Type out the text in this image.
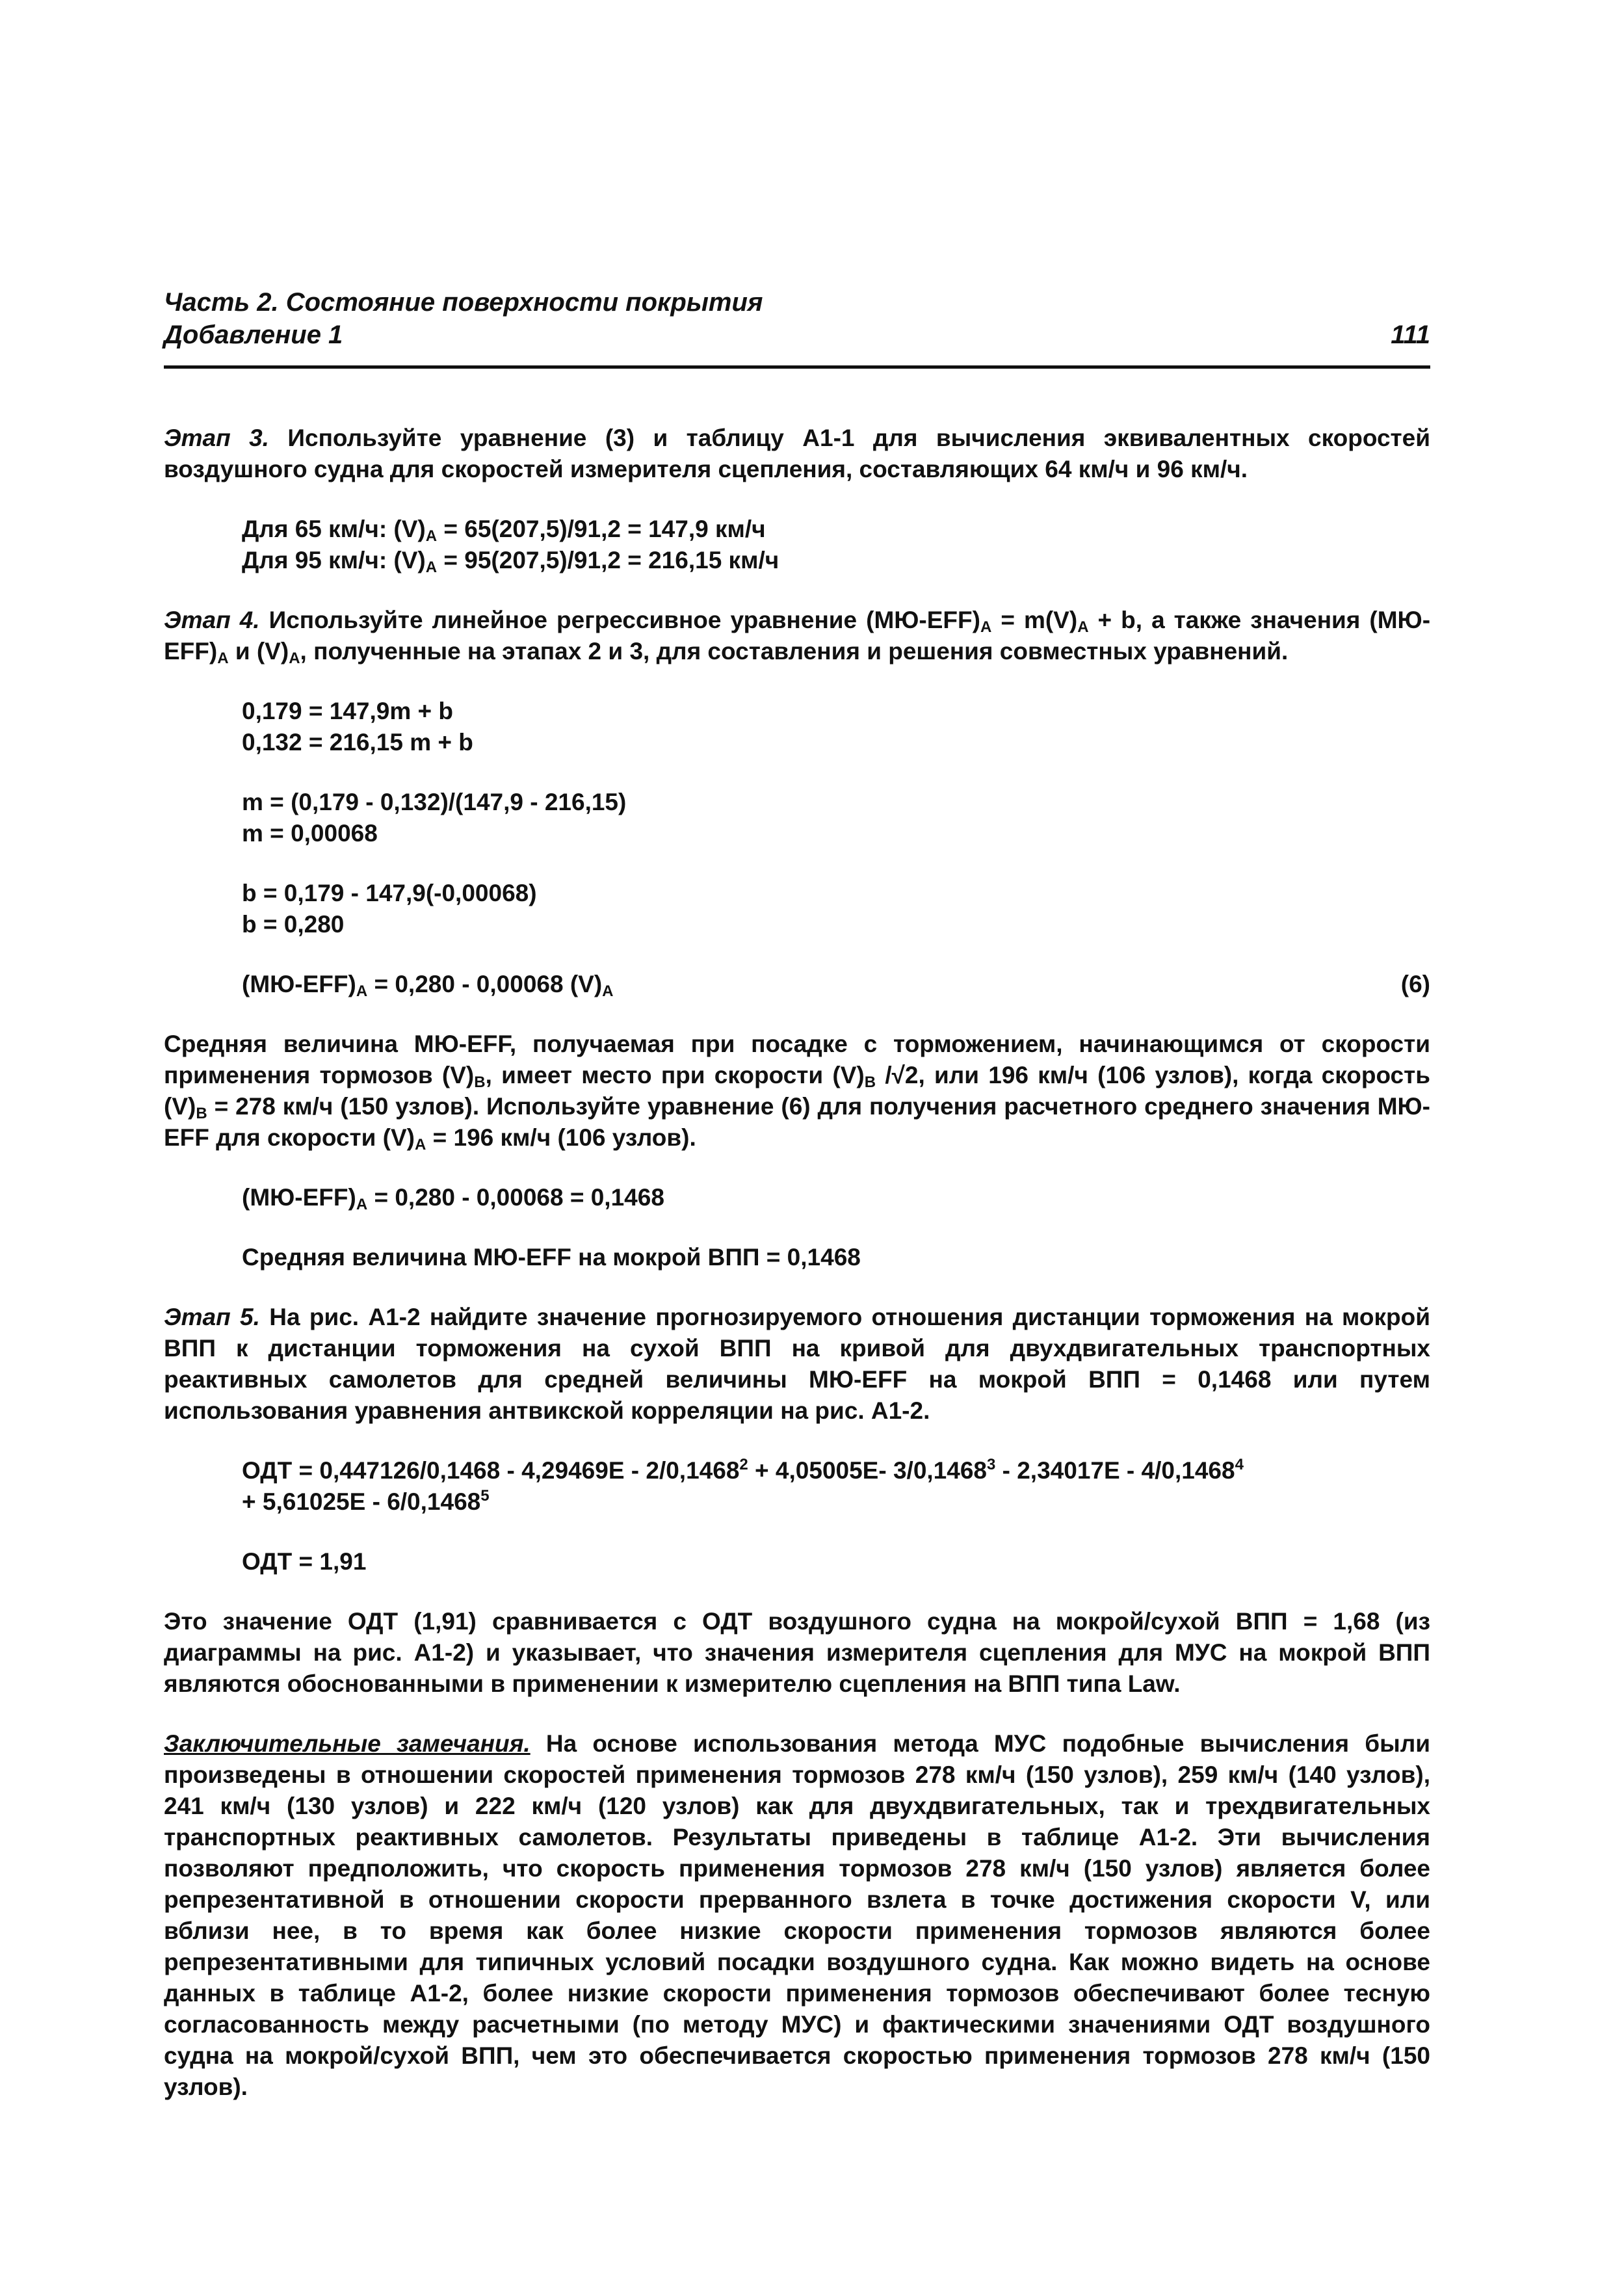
Часть 2. Состояние поверхности покрытия
Добавление 1	111

Этап 3. Используйте уравнение (3) и таблицу А1-1 для вычисления эквивалентных скоростей воздушного судна для скоростей измерителя сцепления, составляющих 64 км/ч и 96 км/ч.

Для 65 км/ч: $(V)_A = 65(207,5)/91,2 = 147,9$ км/ч
Для 95 км/ч: $(V)_A = 95(207,5)/91,2 = 216,15$ км/ч

Этап 4. Используйте линейное регрессивное уравнение $(МЮ-EFF)_A = m(V)_A + b$, а также значения $(МЮ-EFF)_A$ и $(V)_A$, полученные на этапах 2 и 3, для составления и решения совместных уравнений.

0,179 = 147,9m + b
0,132 = 216,15 m + b
m = (0,179 - 0,132)/(147,9 - 216,15)
m = 0,00068
b = 0,179 - 147,9(-0,00068)
b = 0,280
$(МЮ-EFF)_A = 0,280 - 0,00068$ $(V)_A$	(6)

Средняя величина МЮ-EFF, получаемая при посадке с торможением, начинающимся от скорости применения тормозов $(V)_B$, имеет место при скорости $(V)_B$ /√2, или 196 км/ч (106 узлов), когда скорость $(V)_B = 278$ км/ч (150 узлов). Используйте уравнение (6) для получения расчетного среднего значения МЮ-EFF для скорости $(V)_A = 196$ км/ч (106 узлов).

$(МЮ-EFF)_A = 0,280 - 0,00068 = 0,1468$
Средняя величина МЮ-EFF на мокрой ВПП = 0,1468

Этап 5. На рис. А1-2 найдите значение прогнозируемого отношения дистанции торможения на мокрой ВПП к дистанции торможения на сухой ВПП на кривой для двухдвигательных транспортных реактивных самолетов для средней величины МЮ-EFF на мокрой ВПП = 0,1468 или путем использования уравнения антвикской корреляции на рис. А1-2.

ОДТ = $0,447126/0,1468 - 4,29469E - 2/0,1468^2 + 4,05005E-$ $3/0,1468^3 - 2,34017E - 4/0,1468^4$
+ 5,61025E - 6/0,1468$^5$
ОДТ = 1,91

Это значение ОДТ (1,91) сравнивается с ОДТ воздушного судна на мокрой/сухой ВПП = 1,68 (из диаграммы на рис. А1-2) и указывает, что значения измерителя сцепления для МУС на мокрой ВПП являются обоснованными в применении к измерителю сцепления на ВПП типа Law.

Заключительные замечания. На основе использования метода МУС подобные вычисления были произведены в отношении скоростей применения тормозов 278 км/ч (150 узлов), 259 км/ч (140 узлов), 241 км/ч (130 узлов) и 222 км/ч (120 узлов) как для двухдвигательных, так и трехдвигательных транспортных реактивных самолетов. Результаты приведены в таблице А1-2. Эти вычисления позволяют предположить, что скорость применения тормозов 278 км/ч (150 узлов) является более репрезентативной в отношении скорости прерванного взлета в точке достижения скорости V, или вблизи нее, в то время как более низкие скорости применения тормозов являются более репрезентативными для типичных условий посадки воздушного судна. Как можно видеть на основе данных в таблице А1-2, более низкие скорости применения тормозов обеспечивают более тесную согласованность между расчетными (по методу МУС) и фактическими значениями ОДТ воздушного судна на мокрой/сухой ВПП, чем это обеспечивается скоростью применения тормозов 278 км/ч (150 узлов).
